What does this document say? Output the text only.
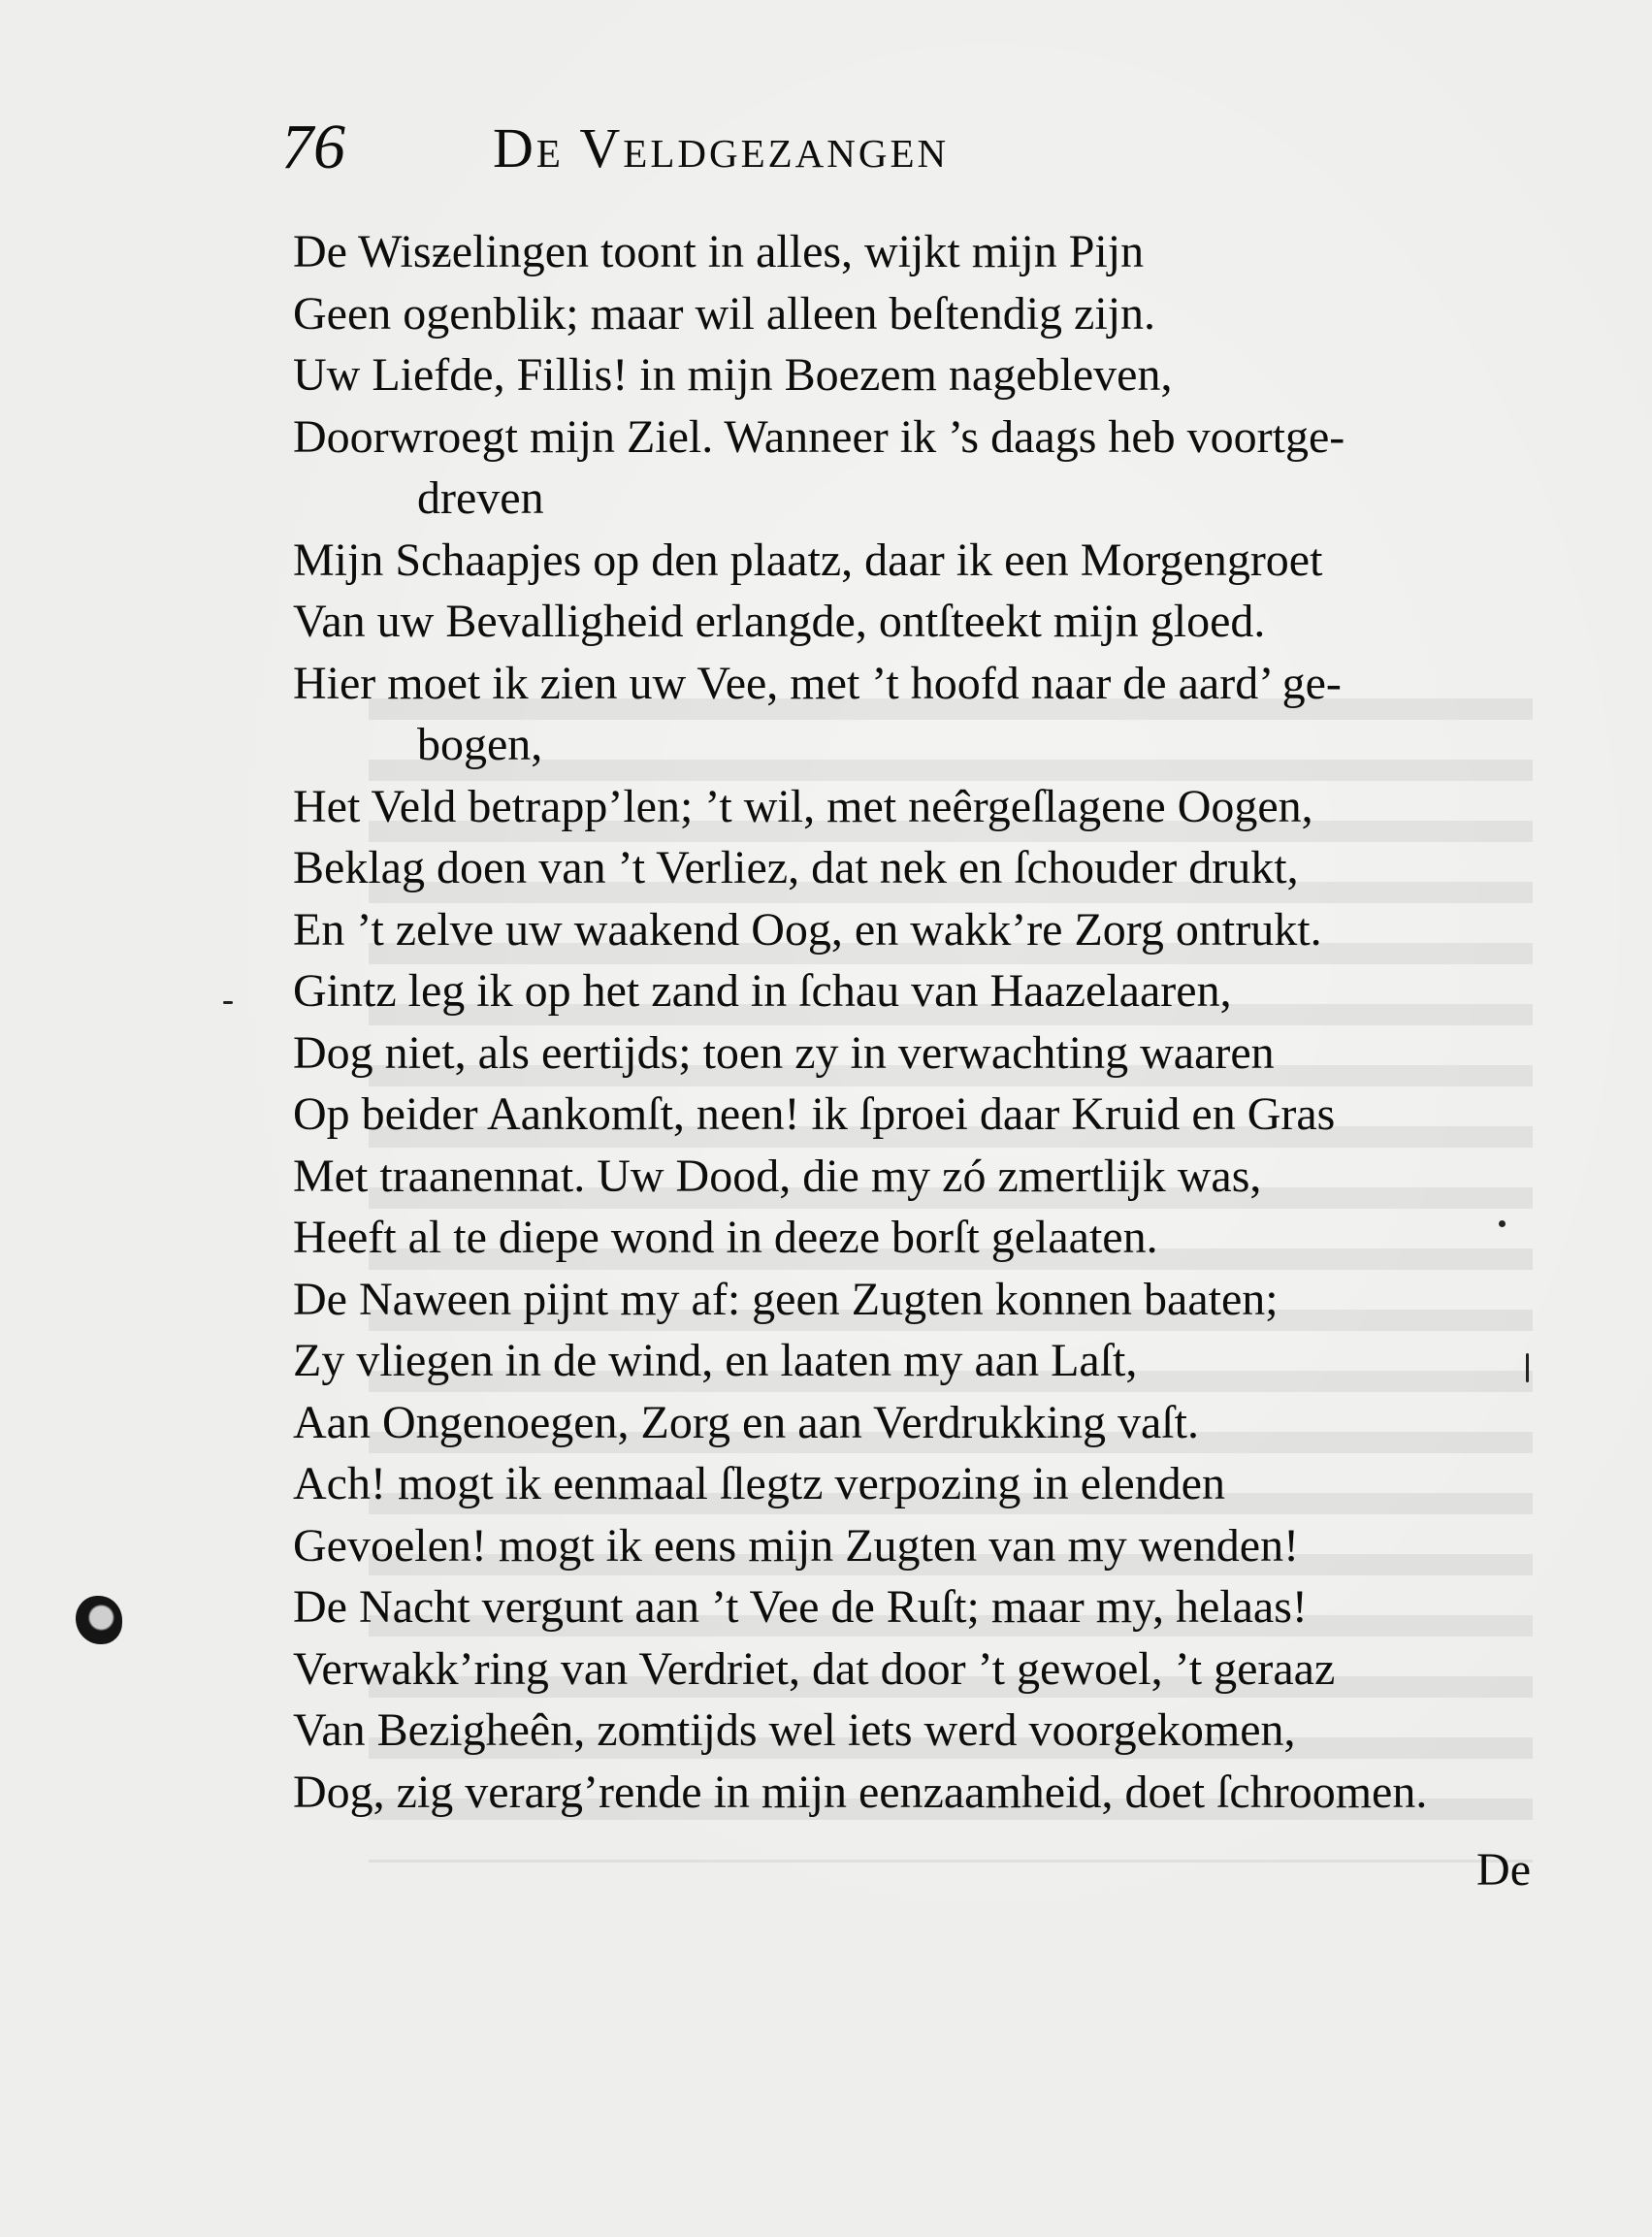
76	De Veldgezangen
De Wisƶelingen toont in alles, wijkt mijn Pijn
Geen ogenblik; maar wil alleen beſtendig zijn.
Uw Liefde, Fillis! in mijn Boezem nagebleven,
Doorwroegt mijn Ziel. Wanneer ik ’s daags heb voortge-
dreven
Mijn Schaapjes op den plaatz, daar ik een Morgengroet
Van uw Bevalligheid erlangde, ontſteekt mijn gloed.
Hier moet ik zien uw Vee, met ’t hoofd naar de aard’ ge-
bogen,
Het Veld betrapp’len; ’t wil, met neêrgeſlagene Oogen,
Beklag doen van ’t Verliez, dat nek en ſchouder drukt,
En ’t zelve uw waakend Oog, en wakk’re Zorg ontrukt.
Gintz leg ik op het zand in ſchau van Haazelaaren,
Dog niet, als eertijds; toen zy in verwachting waaren
Op beider Aankomſt, neen! ik ſproei daar Kruid en Gras
Met traanennat. Uw Dood, die my zó zmertlijk was,
Heeft al te diepe wond in deeze borſt gelaaten.
De Naween pijnt my af: geen Zugten konnen baaten;
Zy vliegen in de wind, en laaten my aan Laſt,
Aan Ongenoegen, Zorg en aan Verdrukking vaſt.
Ach! mogt ik eenmaal ſlegtz verpozing in elenden
Gevoelen! mogt ik eens mijn Zugten van my wenden!
De Nacht vergunt aan ’t Vee de Ruſt; maar my, helaas!
Verwakk’ring van Verdriet, dat door ’t gewoel, ’t geraaz
Van Bezigheên, zomtijds wel iets werd voorgekomen,
Dog, zig verarg’rende in mijn eenzaamheid, doet ſchroomen.
De
